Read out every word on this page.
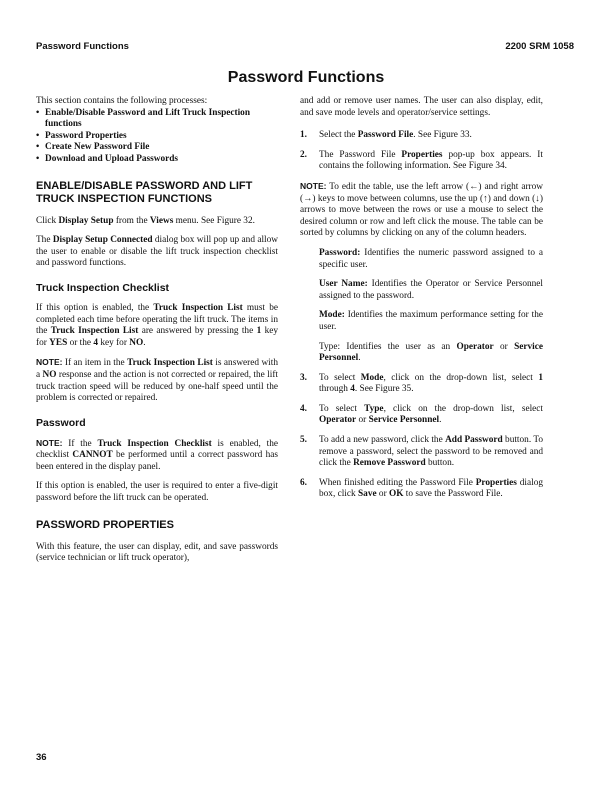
Password Functions	2200 SRM 1058
Password Functions

This section contains the following processes:

• Enable/Disable Password and Lift Truck Inspection functions
• Password Properties
• Create New Password File
• Download and Upload Passwords
ENABLE/DISABLE PASSWORD AND LIFT TRUCK INSPECTION FUNCTIONS

Click Display Setup from the Views menu. See Figure 32.

The Display Setup Connected dialog box will pop up and allow the user to enable or disable the lift truck inspection checklist and password functions.

Truck Inspection Checklist

If this option is enabled, the Truck Inspection List must be completed each time before operating the lift truck. The items in the Truck Inspection List are answered by pressing the 1 key for YES or the 4 key for NO.

NOTE: If an item in the Truck Inspection List is answered with a NO response and the action is not corrected or repaired, the lift truck traction speed will be reduced by one-half speed until the problem is corrected or repaired.

Password

NOTE: If the Truck Inspection Checklist is enabled, the checklist CANNOT be performed until a correct password has been entered in the display panel.

If this option is enabled, the user is required to enter a five-digit password before the lift truck can be operated.

PASSWORD PROPERTIES

With this feature, the user can display, edit, and save passwords (service technician or lift truck operator),

and add or remove user names. The user can also display, edit, and save mode levels and operator/service settings.

1. Select the Password File. See Figure 33.
2. The Password File Properties pop-up box appears. It contains the following information. See Figure 34.

NOTE: To edit the table, use the left arrow (←) and right arrow (→) keys to move between columns, use the up (↑) and down (↓) arrows to move between the rows or use a mouse to select the desired column or row and left click the mouse. The table can be sorted by columns by clicking on any of the column headers.

Password: Identifies the numeric password assigned to a specific user.

User Name: Identifies the Operator or Service Personnel assigned to the password.

Mode: Identifies the maximum performance setting for the user.

Type: Identifies the user as an Operator or Service Personnel.

3. To select Mode, click on the drop-down list, select 1 through 4. See Figure 35.
4. To select Type, click on the drop-down list, select Operator or Service Personnel.
5. To add a new password, click the Add Password button. To remove a password, select the password to be removed and click the Remove Password button.
6. When finished editing the Password File Properties dialog box, click Save or OK to save the Password File.
36
